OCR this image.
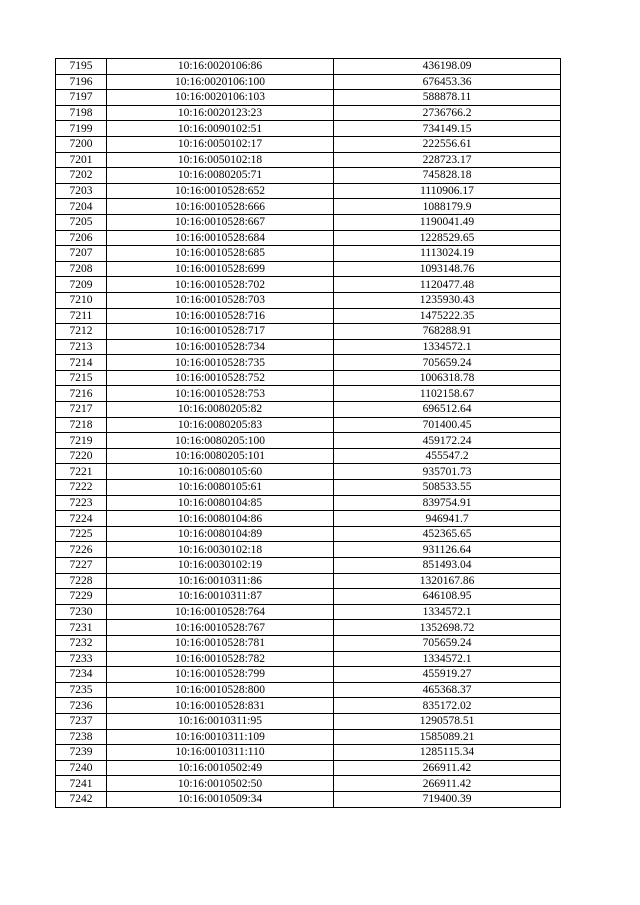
7195	10:16:0020106:86	436198.09
7196	10:16:0020106:100	676453.36
7197	10:16:0020106:103	588878.11
7198	10:16:0020123:23	2736766.2
7199	10:16:0090102:51	734149.15
7200	10:16:0050102:17	222556.61
7201	10:16:0050102:18	228723.17
7202	10:16:0080205:71	745828.18
7203	10:16:0010528:652	1110906.17
7204	10:16:0010528:666	1088179.9
7205	10:16:0010528:667	1190041.49
7206	10:16:0010528:684	1228529.65
7207	10:16:0010528:685	1113024.19
7208	10:16:0010528:699	1093148.76
7209	10:16:0010528:702	1120477.48
7210	10:16:0010528:703	1235930.43
7211	10:16:0010528:716	1475222.35
7212	10:16:0010528:717	768288.91
7213	10:16:0010528:734	1334572.1
7214	10:16:0010528:735	705659.24
7215	10:16:0010528:752	1006318.78
7216	10:16:0010528:753	1102158.67
7217	10:16:0080205:82	696512.64
7218	10:16:0080205:83	701400.45
7219	10:16:0080205:100	459172.24
7220	10:16:0080205:101	455547.2
7221	10:16:0080105:60	935701.73
7222	10:16:0080105:61	508533.55
7223	10:16:0080104:85	839754.91
7224	10:16:0080104:86	946941.7
7225	10:16:0080104:89	452365.65
7226	10:16:0030102:18	931126.64
7227	10:16:0030102:19	851493.04
7228	10:16:0010311:86	1320167.86
7229	10:16:0010311:87	646108.95
7230	10:16:0010528:764	1334572.1
7231	10:16:0010528:767	1352698.72
7232	10:16:0010528:781	705659.24
7233	10:16:0010528:782	1334572.1
7234	10:16:0010528:799	455919.27
7235	10:16:0010528:800	465368.37
7236	10:16:0010528:831	835172.02
7237	10:16:0010311:95	1290578.51
7238	10:16:0010311:109	1585089.21
7239	10:16:0010311:110	1285115.34
7240	10:16:0010502:49	266911.42
7241	10:16:0010502:50	266911.42
7242	10:16:0010509:34	719400.39
